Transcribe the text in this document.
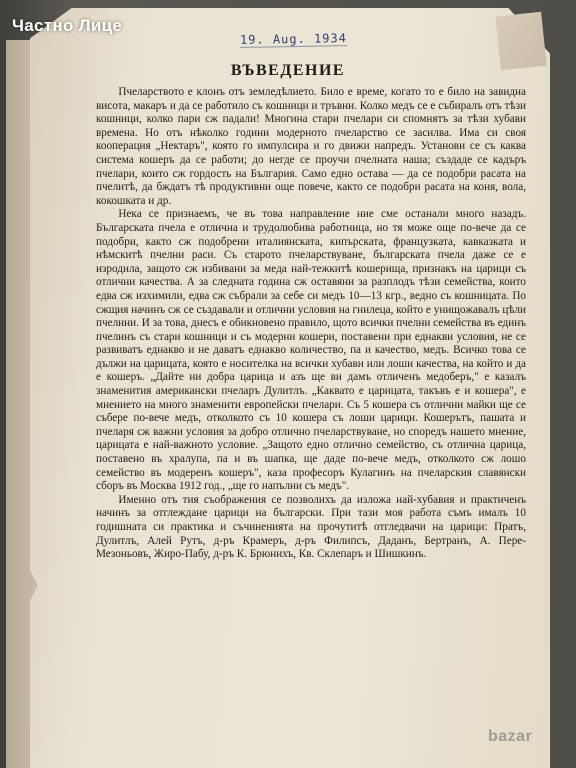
Частно Лице
19. Aug. 1934
ВЪВЕДЕНИЕ

Пчеларството е клонъ отъ земледѣлието. Било е време, когато то е било на завидна висота, макаръ и да се работило съ кошници и тръвни. Колко медъ се е събиралъ отъ тѣзи кошници, колко пари сж падали! Многина стари пчелари си спомнятъ за тѣзи хубави времена. Но отъ нѣколко години модерното пчеларство се засилва. Има си своя кооперация „Нектаръ", която го импулсира и го движи напредъ. Установи се съ каква система кошеръ да се работи; до негде се проучи пчелната нашa; създаде се кадъръ пчелари, които сж гордость на България. Само едно остава — да се подобри расата на пчелитѣ, да бждатъ тѣ продуктивни още повече, както се подобри расата на коня, вола, кокошката и др.

Нека се признаeмъ, че въ това направление ние сме останали много назадъ. Българската пчела е отлична и трудолюбива работница, но тя може още по-вече да се подобри, както сж подобрени италиянската, кипърската, французката, кавказката и нѣмскитѣ пчелни раси. Съ старото пчеларствуване, българската пчела даже се е изродила, защото сж избивани за меда най-тежкитѣ кошерища, признакъ на царици съ отлични качества. А за следната година сж оставяни за разплодъ тѣзи семейства, които едва сж изхимили, едва сж събрали за себе си медъ 10—13 кгр., ведно съ кошницата. По сжщия начинъ сж се създавали и отлични условия на гнилеца, който е унищожавалъ цѣли пчелини. И за това, днесъ е обикновено правило, щото всички пчелни семейства въ единъ пчелинъ съ стари кошници и съ модерни кошери, поставени при еднакви условия, не се развиватъ еднакво и не даватъ еднакво количество, па и качество, медъ. Всичко това се дължи на царицата, която е носителка на всички хубави или лоши качества, на който и да е кошеръ. „Дайте ни добра царица и азъ ще ви дамъ отличенъ медоберъ," е казалъ знаменития американски пчеларъ Дулитлъ. „Каквато е царицата, такъвъ е и кошера", е мнението на много знаменити европейски пчелари. Съ 5 кошера съ отлични майки ще се събере по-вече медъ, отколкото съ 10 кошера съ лоши царици. Кошерътъ, пашата и пчеларя сж важни условия за добро отлично пчеларствуване, но споредъ нашето мнение, царицата е най-важното условие. „Защото едно отлично семейство, съ отлична царица, поставено въ хралупа, па и въ шапка, ще даде по-вече медъ, отколкото сж лошо семейство въ модеренъ кошеръ", каза професоръ Кулагинъ на пчеларския славянски сборъ въ Москва 1912 год., „ще го напълни съ медъ".

Именно отъ тия съображения се позволихъ да изложа най-хубавия и практиченъ начинъ за отглеждане царици на български. При тази моя работа съмъ ималъ 10 годишната си практика и съчиненията на прочутитѣ отгледвачи на царици: Пратъ, Дулитлъ, Алей Рутъ, д-ръ Крамеръ, д-ръ Филипсъ, Даданъ, Бертранъ, А. Пере-Мезоньовъ, Жиро-Пабу, д-ръ К. Брюнихъ, Кв. Склепаръ и Шишкинъ.

bazar
